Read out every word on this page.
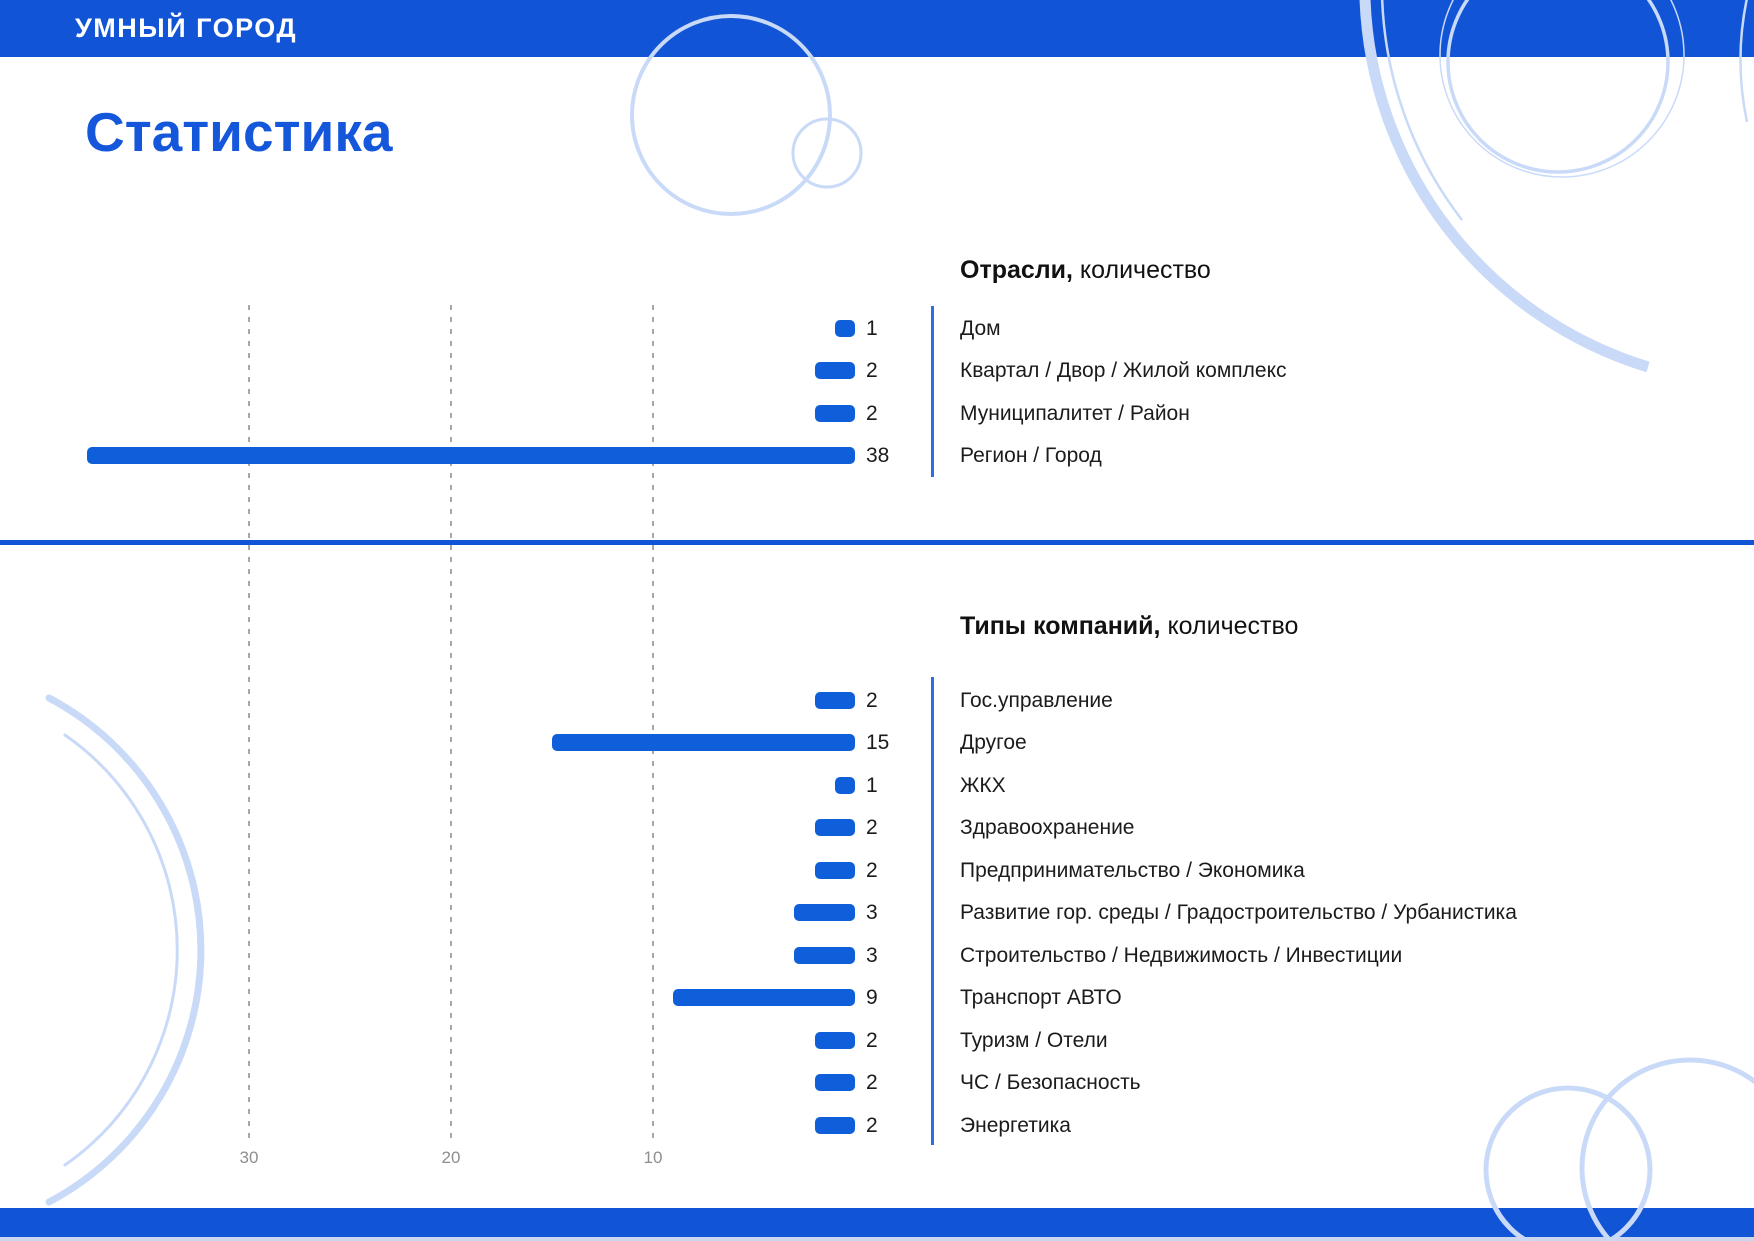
УМНЫЙ ГОРОД
Статистика
30	20	10
Отрасли, количество
Типы компаний, количество
1	Дом
2	Квартал / Двор / Жилой комплекс
2	Муниципалитет / Район
38	Регион / Город
2	Гос.управление
15	Другое
1	ЖКХ
2	Здравоохранение
2	Предпринимательство / Экономика
3	Развитие гор. среды / Градостроительство / Урбанистика
3	Строительство / Недвижимость / Инвестиции
9	Транспорт АВТО
2	Туризм / Отели
2	ЧС / Безопасность
2	Энергетика
